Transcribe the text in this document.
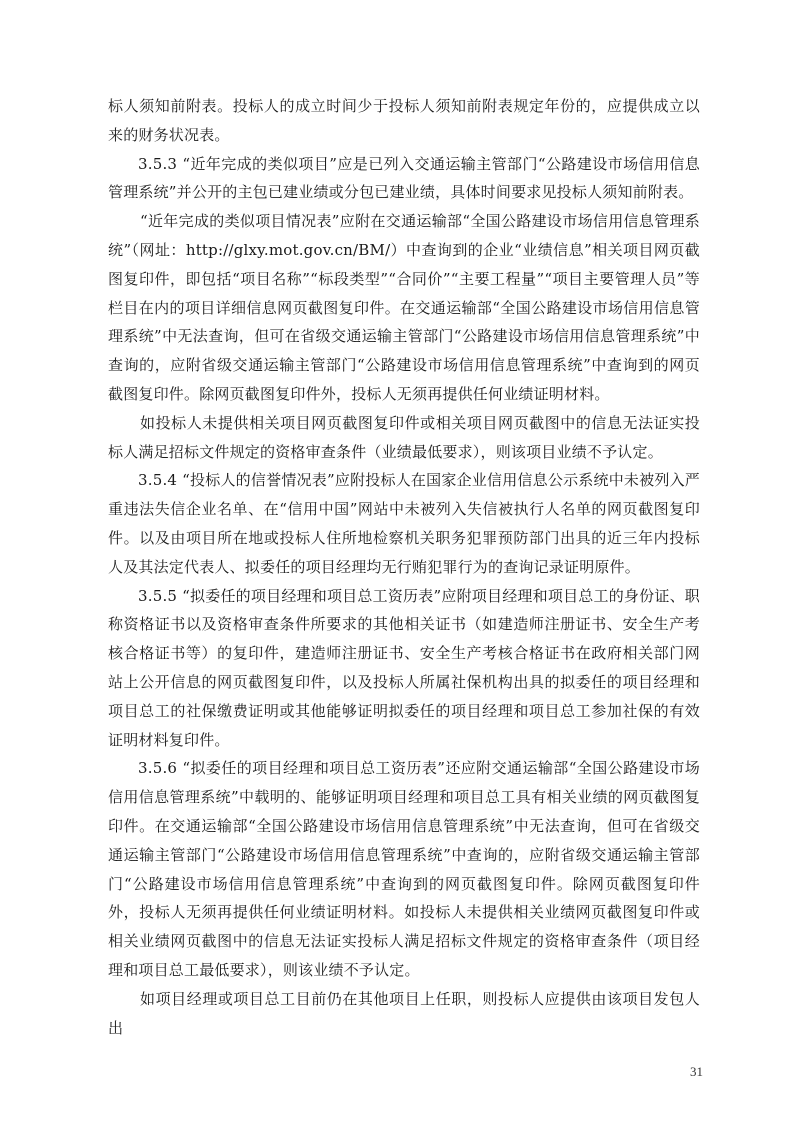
标人须知前附表。投标人的成立时间少于投标人须知前附表规定年份的，应提供成立以来的财务状况表。

3.5.3 “近年完成的类似项目”应是已列入交通运输主管部门“公路建设市场信用信息管理系统”并公开的主包已建业绩或分包已建业绩，具体时间要求见投标人须知前附表。

“近年完成的类似项目情况表”应附在交通运输部“全国公路建设市场信用信息管理系统”（网址：http://glxy.mot.gov.cn/BM/）中查询到的企业“业绩信息”相关项目网页截图复印件，即包括“项目名称”“标段类型”“合同价”“主要工程量”“项目主要管理人员”等栏目在内的项目详细信息网页截图复印件。在交通运输部“全国公路建设市场信用信息管理系统”中无法查询，但可在省级交通运输主管部门“公路建设市场信用信息管理系统”中查询的，应附省级交通运输主管部门“公路建设市场信用信息管理系统”中查询到的网页截图复印件。除网页截图复印件外，投标人无须再提供任何业绩证明材料。

如投标人未提供相关项目网页截图复印件或相关项目网页截图中的信息无法证实投标人满足招标文件规定的资格审查条件（业绩最低要求），则该项目业绩不予认定。

3.5.4 “投标人的信誉情况表”应附投标人在国家企业信用信息公示系统中未被列入严重违法失信企业名单、在“信用中国”网站中未被列入失信被执行人名单的网页截图复印件。以及由项目所在地或投标人住所地检察机关职务犯罪预防部门出具的近三年内投标人及其法定代表人、拟委任的项目经理均无行贿犯罪行为的查询记录证明原件。

3.5.5 “拟委任的项目经理和项目总工资历表”应附项目经理和项目总工的身份证、职称资格证书以及资格审查条件所要求的其他相关证书（如建造师注册证书、安全生产考核合格证书等）的复印件，建造师注册证书、安全生产考核合格证书在政府相关部门网站上公开信息的网页截图复印件，以及投标人所属社保机构出具的拟委任的项目经理和项目总工的社保缴费证明或其他能够证明拟委任的项目经理和项目总工参加社保的有效证明材料复印件。

3.5.6 “拟委任的项目经理和项目总工资历表”还应附交通运输部“全国公路建设市场信用信息管理系统”中载明的、能够证明项目经理和项目总工具有相关业绩的网页截图复印件。在交通运输部“全国公路建设市场信用信息管理系统”中无法查询，但可在省级交通运输主管部门“公路建设市场信用信息管理系统”中查询的，应附省级交通运输主管部门“公路建设市场信用信息管理系统”中查询到的网页截图复印件。除网页截图复印件外，投标人无须再提供任何业绩证明材料。如投标人未提供相关业绩网页截图复印件或相关业绩网页截图中的信息无法证实投标人满足招标文件规定的资格审查条件（项目经理和项目总工最低要求），则该业绩不予认定。

如项目经理或项目总工目前仍在其他项目上任职，则投标人应提供由该项目发包人出

31
